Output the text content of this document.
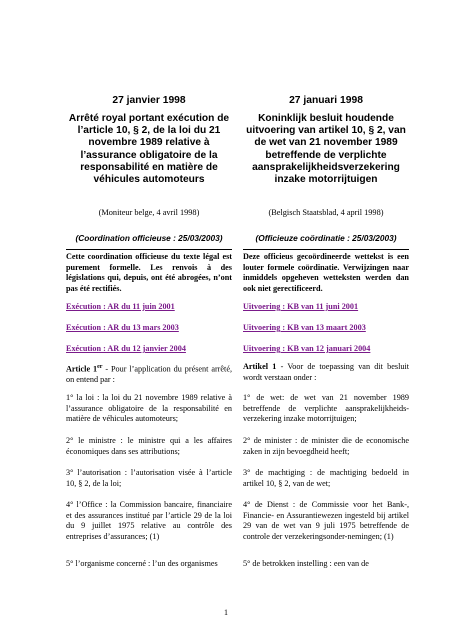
27 janvier 1998
Arrêté royal portant exécution de
l’article 10, § 2, de la loi du 21
novembre 1989 relative à
l’assurance obligatoire de la
responsabilité en matière de
véhicules automoteurs
(Moniteur belge, 4 avril 1998)
(Coordination officieuse : 25/03/2003)
Cette coordination officieuse du texte légal est purement formelle. Les renvois à des législations qui, depuis, ont été abrogées, n’ont pas été rectifiés.
Exécution : AR du 11 juin 2001
Exécution : AR du 13 mars 2003
Exécution : AR du 12 janvier 2004
Article 1er - Pour l’application du présent arrêté, on entend par :
1° la loi : la loi du 21 novembre 1989 relative à l’assurance obligatoire de la responsabilité en matière de véhicules automoteurs;
2° le ministre : le ministre qui a les affaires économiques dans ses attributions;
3° l’autorisation : l’autorisation visée à l’article 10, § 2, de la loi;
4° l’Office : la Commission bancaire, financiaire et des assurances institué par l’article 29 de la loi du 9 juillet 1975 relative au contrôle des entreprises d’assurances; (1)
5° l’organisme concerné : l’un des organismes
27 januari 1998
Koninklijk besluit houdende
uitvoering van artikel 10, § 2, van
de wet van 21 november 1989
betreffende de verplichte
aansprakelijkheidsverzekering
inzake motorrijtuigen
(Belgisch Staatsblad, 4 april 1998)
(Officieuze coördinatie : 25/03/2003)
Deze officieus gecoördineerde wettekst is een louter formele coördinatie. Verwijzingen naar inmiddels opgeheven wetteksten werden dan ook niet gerectificeerd.
Uitvoering : KB van 11 juni 2001
Uitvoering : KB van 13 maart 2003
Uitvoering : KB van 12 januari 2004
Artikel 1 - Voor de toepassing van dit besluit wordt verstaan onder :
1° de wet: de wet van 21 november 1989 betreffende de verplichte aansprakelijkheids-verzekering inzake motorrijtuigen;
2° de minister : de minister die de economische zaken in zijn bevoegdheid heeft;
3° de machtiging : de machtiging bedoeld in artikel 10, § 2, van de wet;
4° de Dienst : de Commissie voor het Bank-, Financie- en Assurantiewezen ingesteld bij artikel 29 van de wet van 9 juli 1975 betreffende de controle der verzekeringsonder-nemingen; (1)
5° de betrokken instelling : een van de
1
